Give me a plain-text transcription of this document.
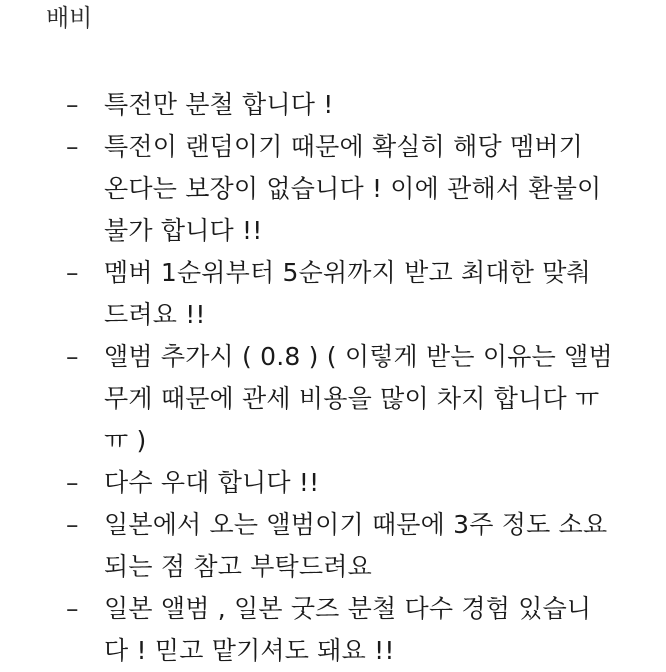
배비
–	특전만 분철 합니다 !
–	특전이 랜덤이기 때문에 확실히 해당 멤버기
온다는 보장이 없습니다 ! 이에 관해서 환불이
불가 합니다 !!
–	멤버 1순위부터 5순위까지 받고 최대한 맞춰
드려요 !!
–	앨범 추가시 ( 0.8 ) ( 이렇게 받는 이유는 앨범
무게 때문에 관세 비용을 많이 차지 합니다 ㅠ
ㅠ )
–	다수 우대 합니다 !!
–	일본에서 오는 앨범이기 때문에 3주 정도 소요
되는 점 참고 부탁드려요
–	일본 앨범 , 일본 굿즈 분철 다수 경험 있습니
다 ! 믿고 맡기셔도 돼요 !!
